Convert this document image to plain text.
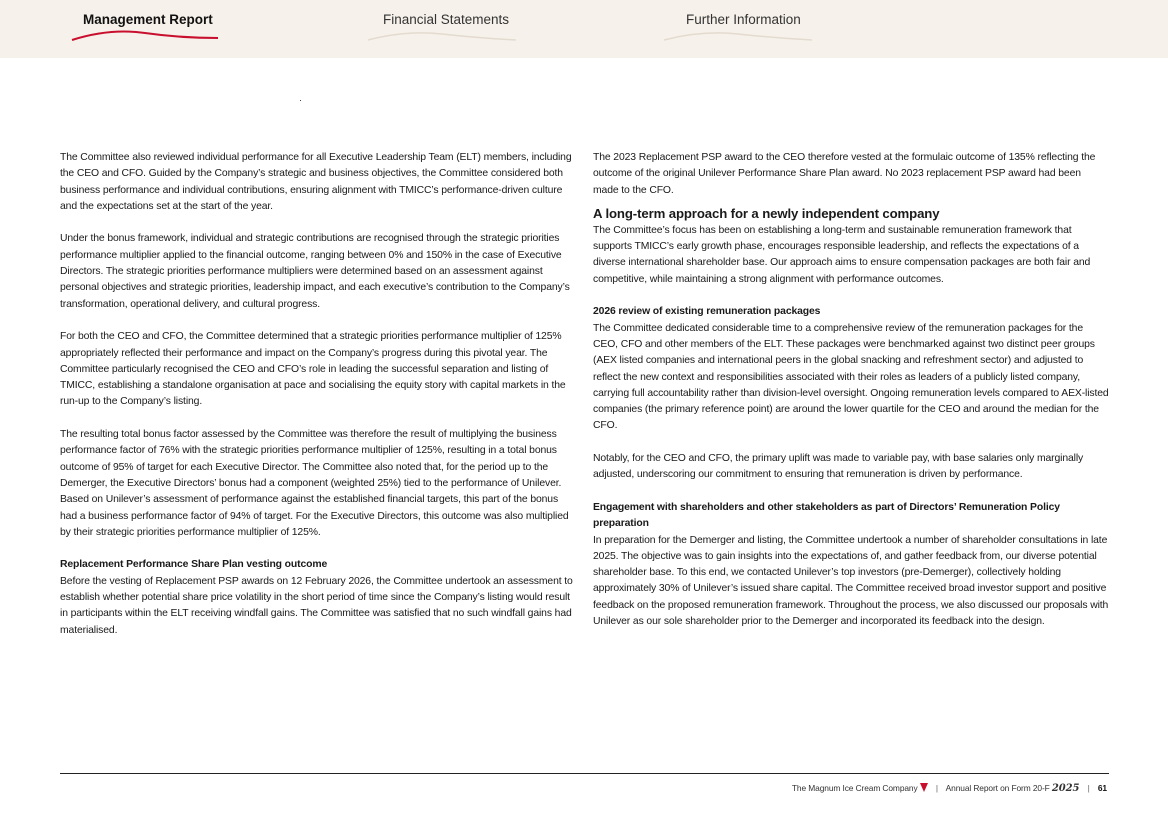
Management Report	Financial Statements	Further Information

The Committee also reviewed individual performance for all Executive Leadership Team (ELT) members, including the CEO and CFO. Guided by the Company’s strategic and business objectives, the Committee considered both business performance and individual contributions, ensuring alignment with TMICC’s performance-driven culture and the expectations set at the start of the year.

Under the bonus framework, individual and strategic contributions are recognised through the strategic priorities performance multiplier applied to the financial outcome, ranging between 0% and 150% in the case of Executive Directors. The strategic priorities performance multipliers were determined based on an assessment against personal objectives and strategic priorities, leadership impact, and each executive’s contribution to the Company’s transformation, operational delivery, and cultural progress.

For both the CEO and CFO, the Committee determined that a strategic priorities performance multiplier of 125% appropriately reflected their performance and impact on the Company’s progress during this pivotal year. The Committee particularly recognised the CEO and CFO’s role in leading the successful separation and listing of TMICC, establishing a standalone organisation at pace and socialising the equity story with capital markets in the run-up to the Company’s listing.

The resulting total bonus factor assessed by the Committee was therefore the result of multiplying the business performance factor of 76% with the strategic priorities performance multiplier of 125%, resulting in a total bonus outcome of 95% of target for each Executive Director. The Committee also noted that, for the period up to the Demerger, the Executive Directors’ bonus had a component (weighted 25%) tied to the performance of Unilever. Based on Unilever’s assessment of performance against the established financial targets, this part of the bonus had a business performance factor of 94% of target. For the Executive Directors, this outcome was also multiplied by their strategic priorities performance multiplier of 125%.

Replacement Performance Share Plan vesting outcome

Before the vesting of Replacement PSP awards on 12 February 2026, the Committee undertook an assessment to establish whether potential share price volatility in the short period of time since the Company’s listing would result in participants within the ELT receiving windfall gains. The Committee was satisfied that no such windfall gains had materialised.

The 2023 Replacement PSP award to the CEO therefore vested at the formulaic outcome of 135% reflecting the outcome of the original Unilever Performance Share Plan award. No 2023 replacement PSP award had been made to the CFO.

A long-term approach for a newly independent company

The Committee’s focus has been on establishing a long-term and sustainable remuneration framework that supports TMICC’s early growth phase, encourages responsible leadership, and reflects the expectations of a diverse international shareholder base. Our approach aims to ensure compensation packages are both fair and competitive, while maintaining a strong alignment with performance outcomes.

2026 review of existing remuneration packages

The Committee dedicated considerable time to a comprehensive review of the remuneration packages for the CEO, CFO and other members of the ELT. These packages were benchmarked against two distinct peer groups (AEX listed companies and international peers in the global snacking and refreshment sector) and adjusted to reflect the new context and responsibilities associated with their roles as leaders of a publicly listed company, carrying full accountability rather than division-level oversight. Ongoing remuneration levels compared to AEX-listed companies (the primary reference point) are around the lower quartile for the CEO and around the median for the CFO.

Notably, for the CEO and CFO, the primary uplift was made to variable pay, with base salaries only marginally adjusted, underscoring our commitment to ensuring that remuneration is driven by performance.

Engagement with shareholders and other stakeholders as part of Directors’ Remuneration Policy preparation

In preparation for the Demerger and listing, the Committee undertook a number of shareholder consultations in late 2025. The objective was to gain insights into the expectations of, and gather feedback from, our diverse potential shareholder base. To this end, we contacted Unilever’s top investors (pre-Demerger), collectively holding approximately 30% of Unilever’s issued share capital. The Committee received broad investor support and positive feedback on the proposed remuneration framework. Throughout the process, we also discussed our proposals with Unilever as our sole shareholder prior to the Demerger and incorporated its feedback into the design.

The Magnum Ice Cream Company | Annual Report on Form 20-F 2025 | 61
